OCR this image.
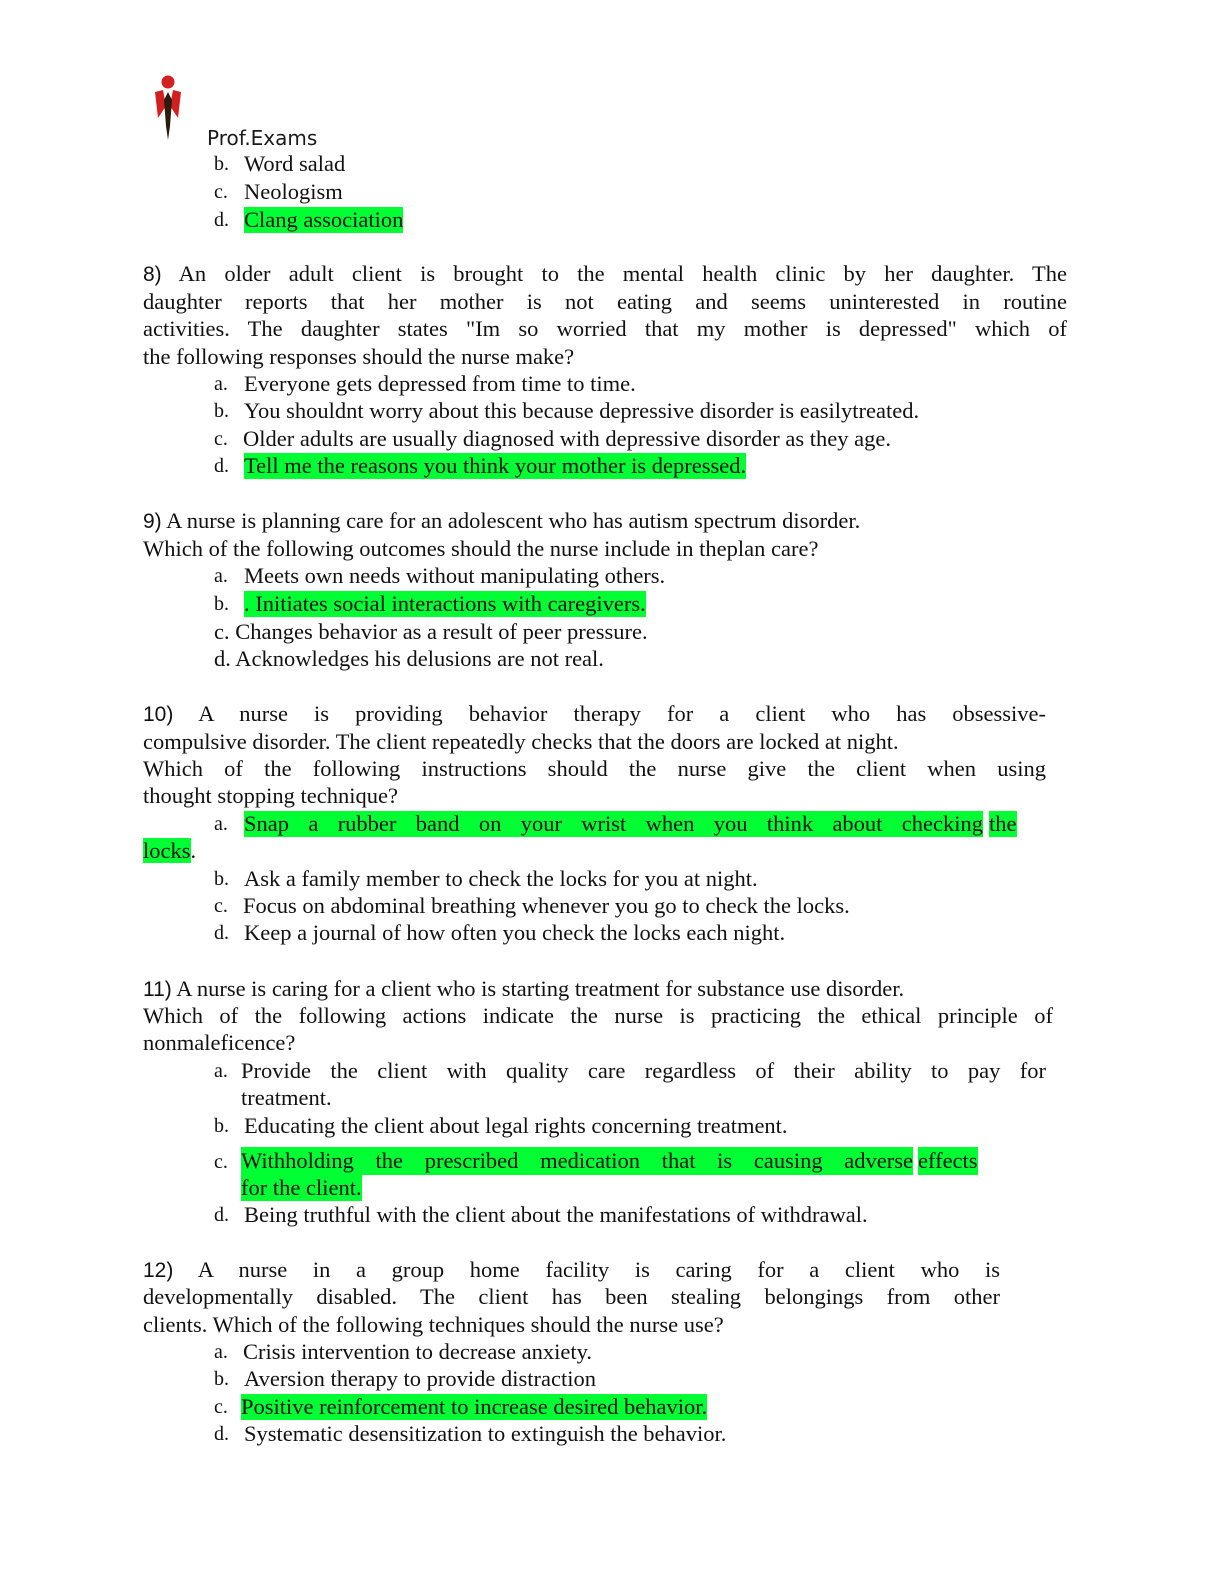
Prof.Exams
b. Word salad
c. Neologism
d. Clang association
8) An older adult client is brought to the mental health clinic by her daughter. The
daughter reports that her mother is not eating and seems uninterested in routine
activities. The daughter states "Im so worried that my mother is depressed" which of
the following responses should the nurse make?
a. Everyone gets depressed from time to time.
b. You shouldnt worry about this because depressive disorder is easilytreated.
c. Older adults are usually diagnosed with depressive disorder as they age.
d. Tell me the reasons you think your mother is depressed.
9) A nurse is planning care for an adolescent who has autism spectrum disorder.
Which of the following outcomes should the nurse include in theplan care?
a. Meets own needs without manipulating others.
b. . Initiates social interactions with caregivers.
c. Changes behavior as a result of peer pressure.
d. Acknowledges his delusions are not real.
10) A nurse is providing behavior therapy for a client who has obsessive-
compulsive disorder. The client repeatedly checks that the doors are locked at night.
Which of the following instructions should the nurse give the client when using
thought stopping technique?
a. Snap a rubber band on your wrist when you think about checking the
locks.
b. Ask a family member to check the locks for you at night.
c. Focus on abdominal breathing whenever you go to check the locks.
d. Keep a journal of how often you check the locks each night.
11) A nurse is caring for a client who is starting treatment for substance use disorder.
Which of the following actions indicate the nurse is practicing the ethical principle of
nonmaleficence?
a. Provide the client with quality care regardless of their ability to pay for
treatment.
b. Educating the client about legal rights concerning treatment.
c. Withholding the prescribed medication that is causing adverse effects
for the client.
d. Being truthful with the client about the manifestations of withdrawal.
12) A nurse in a group home facility is caring for a client who is
developmentally disabled. The client has been stealing belongings from other
clients. Which of the following techniques should the nurse use?
a. Crisis intervention to decrease anxiety.
b. Aversion therapy to provide distraction
c. Positive reinforcement to increase desired behavior.
d. Systematic desensitization to extinguish the behavior.
